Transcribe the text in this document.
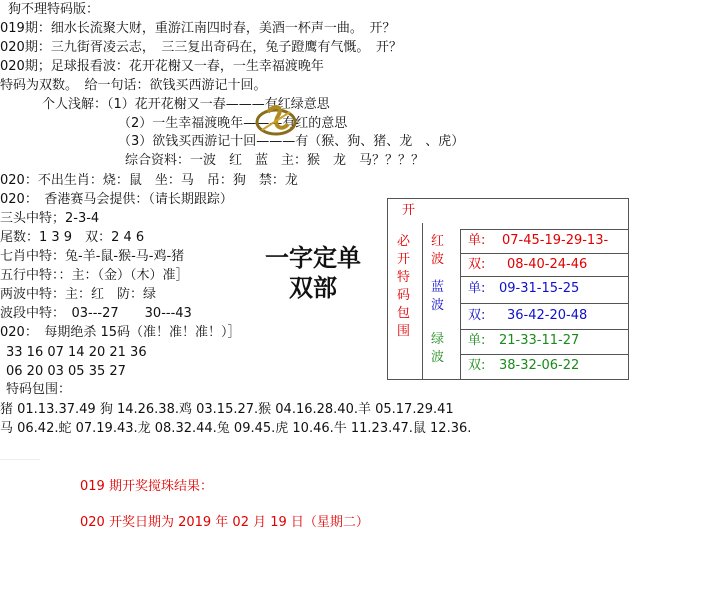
狗不理特码版：
019期：细水长流聚大财，重游江南四时春，美酒一杯声一曲。　开？
020期：三九街胥凌云志，　三三复出奇码在，兔子蹬鹰有气慨。　开？
020期；足球报看波：花开花榭又一春，一生幸福渡晚年
特码为双数。　给一句话：欲钱买西游记十回。
个人浅解：（1）花开花榭又一春———有红绿意思
（2）一生幸福渡晚年———有红的意思
（3）欲钱买西游记十回———有（猴、狗、猪、龙　、虎）
综合资料：一波　红　蓝　主：猴　龙　马？？？？
020：不出生肖：烧：鼠　坐：马　吊：狗　禁：龙
020：　香港赛马会提供：（请长期跟踪）
三头中特；2-3-4
尾数：1 3 9　双：2 4 6
七肖中特：兔-羊-鼠-猴-马-鸡-猪
五行中特：：主：（金）（木）准］
两波中特：主：红　防：绿
波段中特：　03---27　　30---43
020：　每期绝杀 15码（准！准！准！）］
33 16 07 14 20 21 36
06 20 03 05 35 27
特码包围：
猪 01.13.37.49 狗 14.26.38.鸡 03.15.27.猴 04.16.28.40.羊 05.17.29.41
马 06.42.蛇 07.19.43.龙 08.32.44.兔 09.45.虎 10.46.牛 11.23.47.鼠 12.36.
019 期开奖搅珠结果：
020 开奖日期为 2019 年 02 月 19 日（星期二）
一字定单双部
开
必开特码包围
红波
蓝波
绿波
单: 07-45-19-29-13-
双: 08-40-24-46
单: 09-31-15-25
双: 36-42-20-48
单: 21-33-11-27
双: 38-32-06-22
